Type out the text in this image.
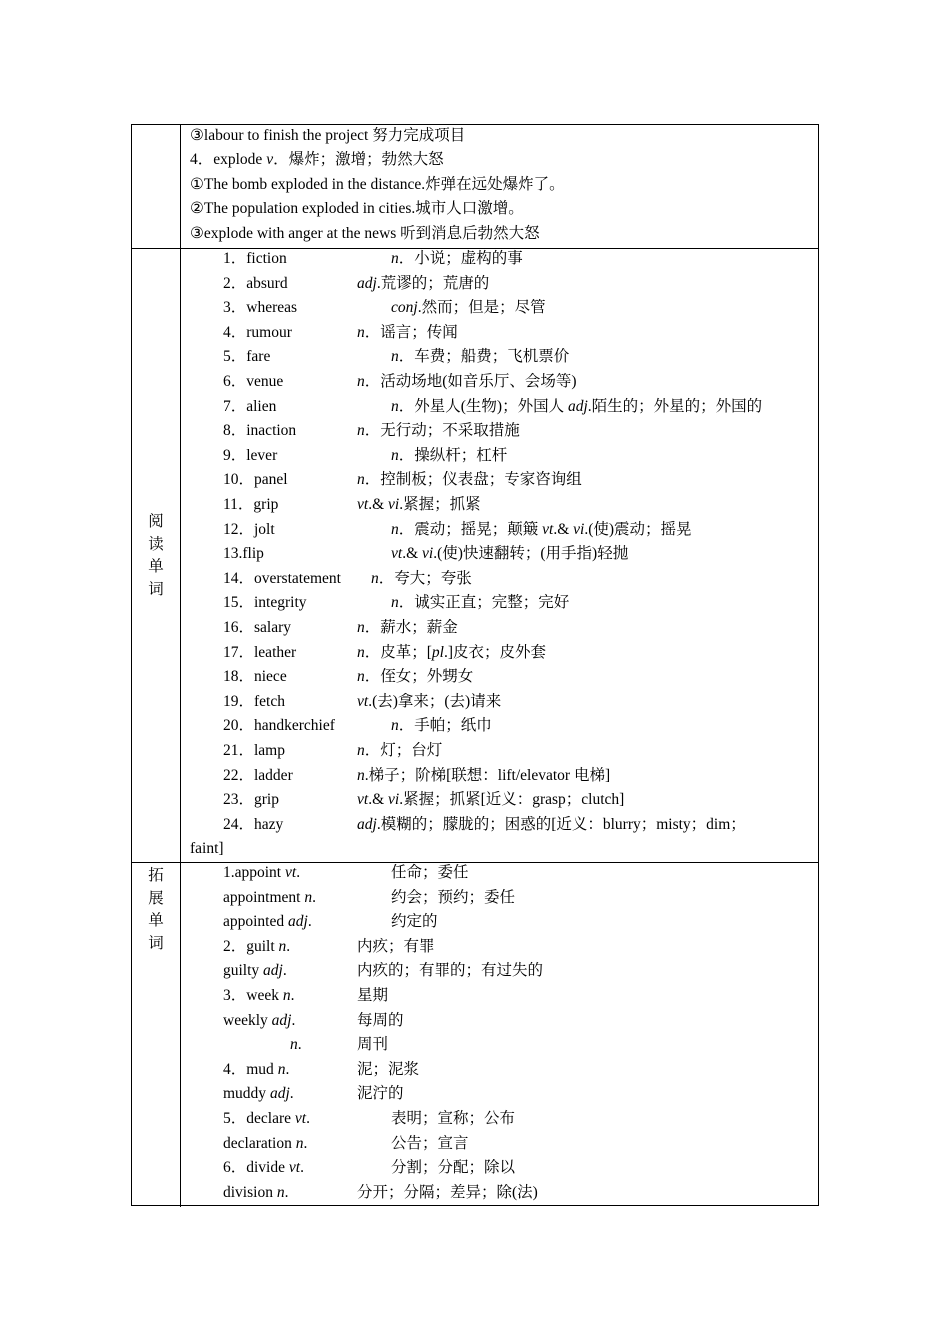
③labour to finish the project 努力完成项目
4．explode v．爆炸；激增；勃然大怒
①The bomb exploded in the distance.炸弹在远处爆炸了。
②The population exploded in cities.城市人口激增。
③explode with anger at the news 听到消息后勃然大怒
阅
读
单
词
1．fiction	n．小说；虚构的事
2．absurd	adj.荒谬的；荒唐的
3．whereas	conj.然而；但是；尽管
4．rumour	n．谣言；传闻
5．fare	n．车费；船费；飞机票价
6．venue	n．活动场地(如音乐厅、会场等)
7．alien	n．外星人(生物)；外国人 adj.陌生的；外星的；外国的
8．inaction	n．无行动；不采取措施
9．lever	n．操纵杆；杠杆
10．panel	n．控制板；仪表盘；专家咨询组
11．grip	vt.& vi.紧握；抓紧
12．jolt	n．震动；摇晃；颠簸 vt.& vi.(使)震动；摇晃
13.flip	vt.& vi.(使)快速翻转；(用手指)轻抛
14．overstatement n．夸大；夸张
15．integrity	n．诚实正直；完整；完好
16．salary	n．薪水；薪金
17．leather	n．皮革；[pl.]皮衣；皮外套
18．niece	n．侄女；外甥女
19．fetch	vt.(去)拿来；(去)请来
20．handkerchief	n．手帕；纸巾
21．lamp	n．灯；台灯
22．ladder	n.梯子；阶梯[联想：lift/elevator 电梯]
23．grip	vt.& vi.紧握；抓紧[近义：grasp；clutch]
24．hazy	adj.模糊的；朦胧的；困惑的[近义：blurry；misty；dim；
faint]
拓
展
单
词
1.appoint vt.	任命；委任
appointment n.	约会；预约；委任
appointed adj.	约定的
2．guilt n.	内疚；有罪
guilty adj.	内疚的；有罪的；有过失的
3．week n.	星期
weekly adj.	每周的
n.	周刊
4．mud n.	泥；泥浆
muddy adj.	泥泞的
5．declare vt.	表明；宣称；公布
declaration n.	公告；宣言
6．divide vt.	分割；分配；除以
division n.	分开；分隔；差异；除(法)
